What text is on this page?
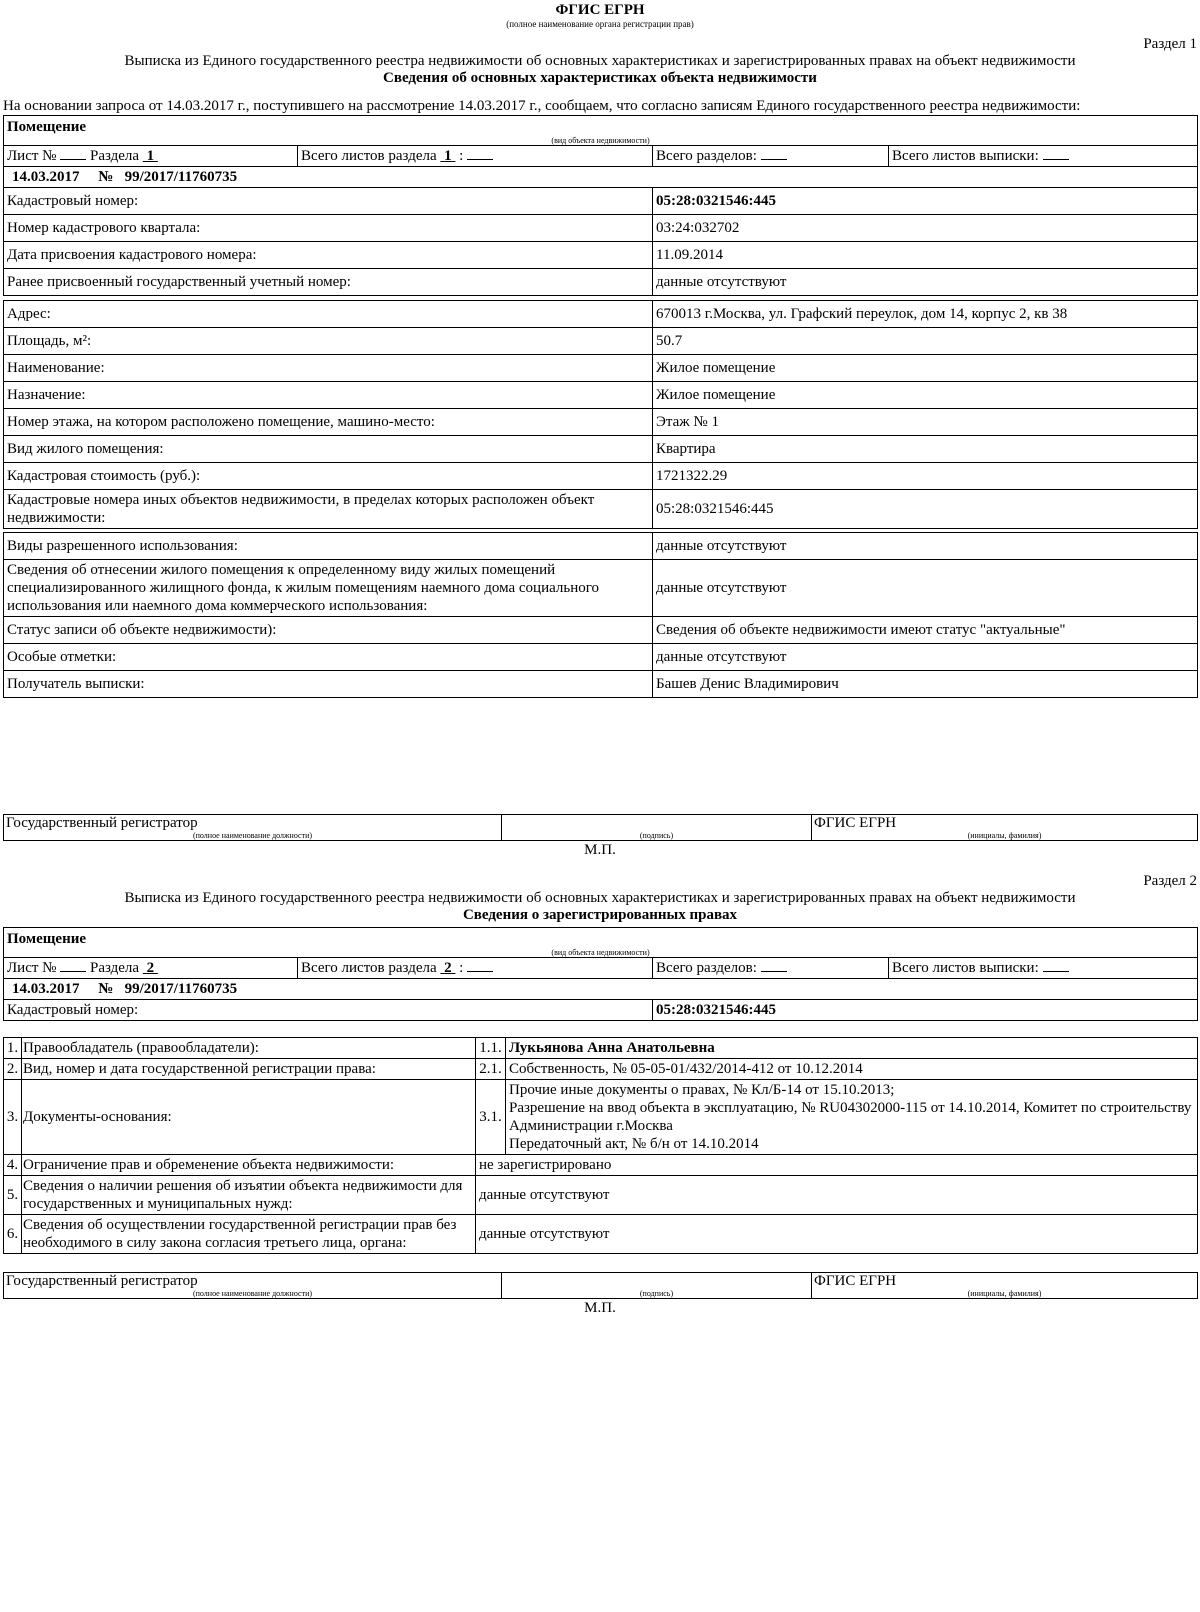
ФГИС ЕГРН
(полное наименование органа регистрации прав)
Раздел 1
Выписка из Единого государственного реестра недвижимости об основных характеристиках и зарегистрированных правах на объект недвижимости
Сведения об основных характеристиках объекта недвижимости
На основании запроса от 14.03.2017 г., поступившего на рассмотрение 14.03.2017 г., сообщаем, что согласно записям Единого государственного реестра недвижимости:
Помещение
(вид объекта недвижимости)

Лист № Раздела 1	Всего листов раздела 1  :	Всего разделов:	Всего листов выписки:
14.03.2017 № 99/2017/11760735
Кадастровый номер:	05:28:0321546:445
Номер кадастрового квартала:	03:24:032702
Дата присвоения кадастрового номера:	11.09.2014
Ранее присвоенный государственный учетный номер:	данные отсутствуют
Адрес:	670013 г.Москва, ул. Графский переулок, дом 14, корпус 2, кв 38
Площадь, м²:	50.7
Наименование:	Жилое помещение
Назначение:	Жилое помещение
Номер этажа, на котором расположено помещение, машино-место:	Этаж № 1
Вид жилого помещения:	Квартира
Кадастровая стоимость (руб.):	1721322.29
Кадастровые номера иных объектов недвижимости, в пределах которых расположен объект недвижимости:	05:28:0321546:445
Виды разрешенного использования:	данные отсутствуют
Сведения об отнесении жилого помещения к определенному виду жилых помещений специализированного жилищного фонда, к жилым помещениям наемного дома социального использования или наемного дома коммерческого использования:	данные отсутствуют
Статус записи об объекте недвижимости):	Сведения об объекте недвижимости имеют статус "актуальные"
Особые отметки:	данные отсутствуют
Получатель выписки:	Башев Денис Владимирович
Государственный регистратор		ФГИС ЕГРН
(полное наименование должности)	(подпись)	(инициалы, фамилия)
М.П.
Раздел 2
Выписка из Единого государственного реестра недвижимости об основных характеристиках и зарегистрированных правах на объект недвижимости
Сведения о зарегистрированных правах
Помещение
(вид объекта недвижимости)

Лист № Раздела 2	Всего листов раздела 2  :	Всего разделов:	Всего листов выписки:
14.03.2017 № 99/2017/11760735
Кадастровый номер:	05:28:0321546:445
1.	Правообладатель (правообладатели):	1.1.	Лукьянова Анна Анатольевна
2.	Вид, номер и дата государственной регистрации права:	2.1.	Собственность, № 05-05-01/432/2014-412 от 10.12.2014
3.	Документы-основания:	3.1.	Прочие иные документы о правах, № Кл/Б-14 от 15.10.2013;
Разрешение на ввод объекта в эксплуатацию, № RU04302000-115 от 14.10.2014, Комитет по строительству Администрации г.Москва
Передаточный акт, № б/н от 14.10.2014

4.	Ограничение прав и обременение объекта недвижимости:	не зарегистрировано	
5.	Сведения о наличии решения об изъятии объекта недвижимости для государственных и муниципальных нужд:	данные отсутствуют	
6.	Сведения об осуществлении государственной регистрации прав без необходимого в силу закона согласия третьего лица, органа:	данные отсутствуют	
Государственный регистратор		ФГИС ЕГРН
(полное наименование должности)	(подпись)	(инициалы, фамилия)
М.П.
